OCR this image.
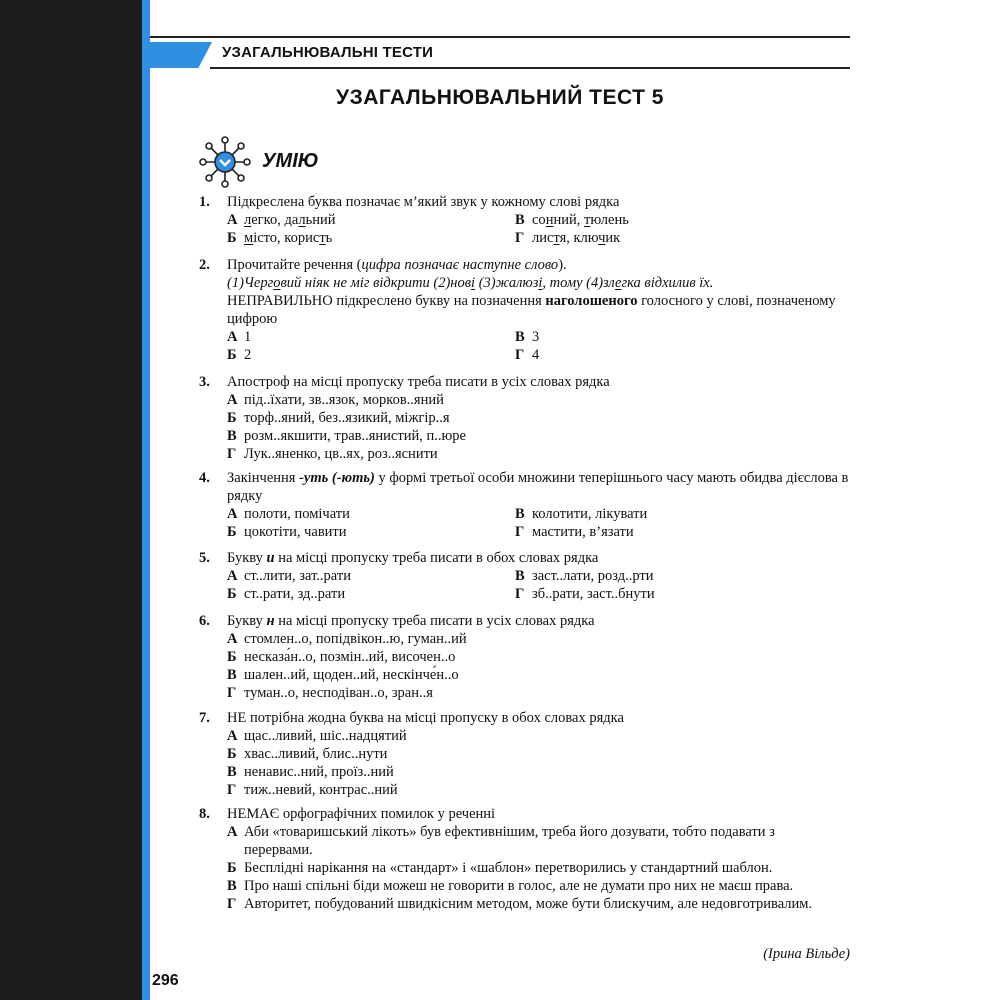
УЗАГАЛЬНЮВАЛЬНІ ТЕСТИ
УЗАГАЛЬНЮВАЛЬНИЙ ТЕСТ 5
УМІЮ
1. Підкреслена буква позначає м’який звук у кожному слові рядка
А легко, дальний	В сонний, тюлень
Б місто, користь	Г листя, ключик
2. Прочитайте речення (цифра позначає наступне слово).
(1)Черговий ніяк не міг відкрити (2)нові (3)жалюзі, тому (4)злегка відхилив їх.
НЕПРАВИЛЬНО підкреслено букву на позначення наголошеного голосного у слові, позначеному цифрою
А 1	В 3
Б 2	Г 4
3. Апостроф на місці пропуску треба писати в усіх словах рядка
А під..їхати, зв..язок, морков..яний
Б торф..яний, без..язикий, міжгір..я
В розм..якшити, трав..янистий, п..юре
Г Лук..яненко, цв..ях, роз..яснити
4. Закінчення -уть (-ють) у формі третьої особи множини теперішнього часу мають обидва дієслова в рядку
А полоти, помічати	В колотити, лікувати
Б цокотіти, чавити	Г мастити, в’язати
5. Букву и на місці пропуску треба писати в обох словах рядка
А ст..лити, зат..рати	В заст..лати, розд..рти
Б ст..рати, зд..рати	Г зб..рати, заст..бнути
6. Букву н на місці пропуску треба писати в усіх словах рядка
А стомлен..о, попідвікон..ю, гуман..ий
Б несказа́н..о, позмін..ий, височен..о
В шален..ий, щоден..ий, нескінче́н..о
Г туман..о, несподіван..о, зран..я
7. НЕ потрібна жодна буква на місці пропуску в обох словах рядка
А щас..ливий, шіс..надцятий
Б хвас..ливий, блис..нути
В ненавис..ний, проїз..ний
Г тиж..невий, контрас..ний
8. НЕМАЄ орфографічних помилок у реченні
А Аби «товаришський лікоть» був ефективнішим, треба його дозувати, тобто подавати з перервами.
Б Бесплідні нарікання на «стандарт» і «шаблон» перетворились у стандартний шаблон.
В Про наші спільні біди можеш не говорити в голос, але не думати про них не маєш права.
Г Авторитет, побудований швидкісним методом, може бути блискучим, але недовготривалим.
(Ірина Вільде)
296
